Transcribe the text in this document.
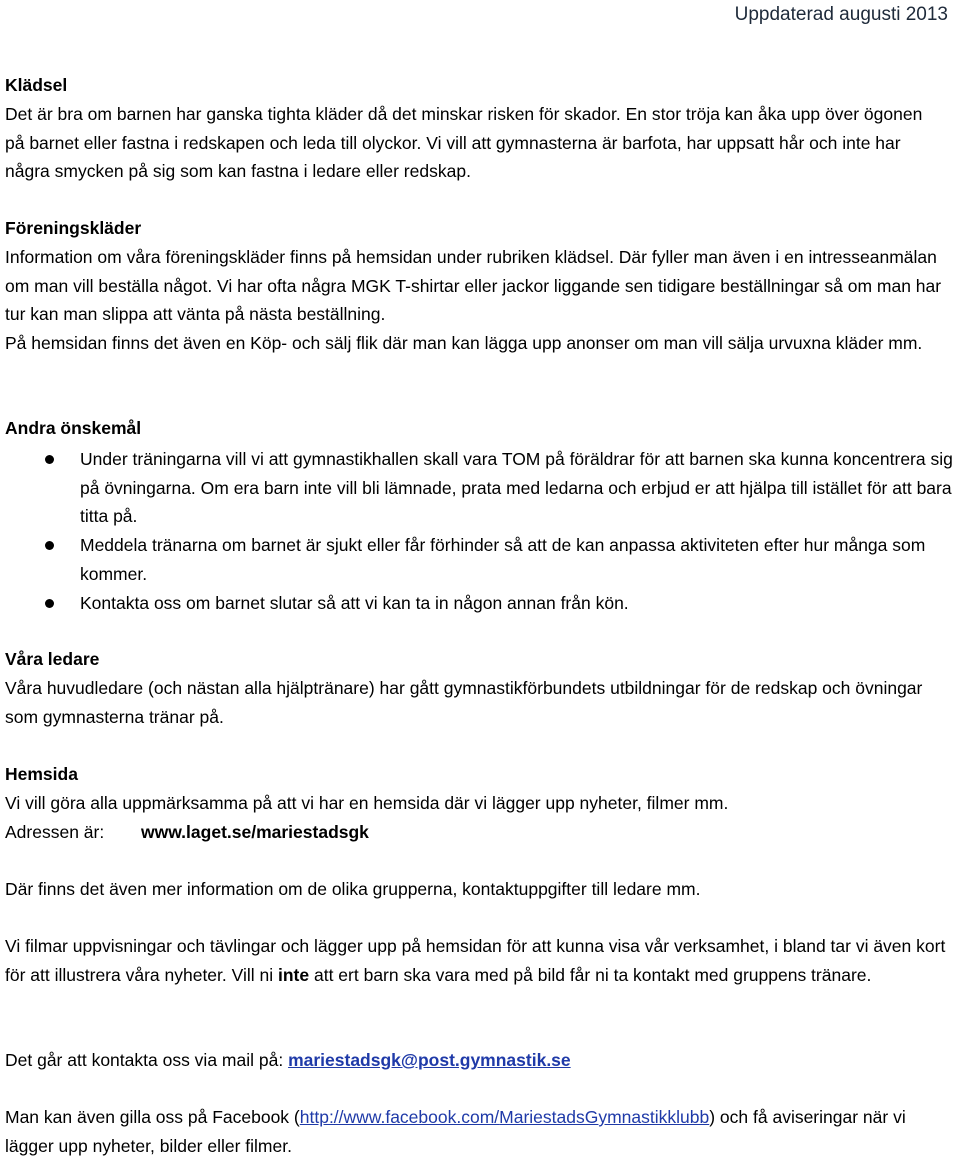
Uppdaterad augusti 2013

Klädsel

Det är bra om barnen har ganska tighta kläder då det minskar risken för skador. En stor tröja kan åka upp över ögonen på barnet eller fastna i redskapen och leda till olyckor. Vi vill att gymnasterna är barfota, har uppsatt hår och inte har några smycken på sig som kan fastna i ledare eller redskap.

Föreningskläder

Information om våra föreningskläder finns på hemsidan under rubriken klädsel. Där fyller man även i en intresseanmälan om man vill beställa något. Vi har ofta några MGK T-shirtar eller jackor liggande sen tidigare beställningar så om man har tur kan man slippa att vänta på nästa beställning.

På hemsidan finns det även en Köp- och sälj flik där man kan lägga upp anonser om man vill sälja urvuxna kläder mm.

Andra önskemål

Under träningarna vill vi att gymnastikhallen skall vara TOM på föräldrar för att barnen ska kunna koncentrera sig på övningarna. Om era barn inte vill bli lämnade, prata med ledarna och erbjud er att hjälpa till istället för att bara titta på.
Meddela tränarna om barnet är sjukt eller får förhinder så att de kan anpassa aktiviteten efter hur många som kommer.
Kontakta oss om barnet slutar så att vi kan ta in någon annan från kön.

Våra ledare

Våra huvudledare (och nästan alla hjälptränare) har gått gymnastikförbundets utbildningar för de redskap och övningar som gymnasterna tränar på.

Hemsida

Vi vill göra alla uppmärksamma på att vi har en hemsida där vi lägger upp nyheter, filmer mm.

Adressen är: www.laget.se/mariestadsgk

Där finns det även mer information om de olika grupperna, kontaktuppgifter till ledare mm.

Vi filmar uppvisningar och tävlingar och lägger upp på hemsidan för att kunna visa vår verksamhet, i bland tar vi även kort för att illustrera våra nyheter. Vill ni inte att ert barn ska vara med på bild får ni ta kontakt med gruppens tränare.

Det går att kontakta oss via mail på: mariestadsgk@post.gymnastik.se

Man kan även gilla oss på Facebook (http://www.facebook.com/MariestadsGymnastikklubb) och få aviseringar när vi lägger upp nyheter, bilder eller filmer.
